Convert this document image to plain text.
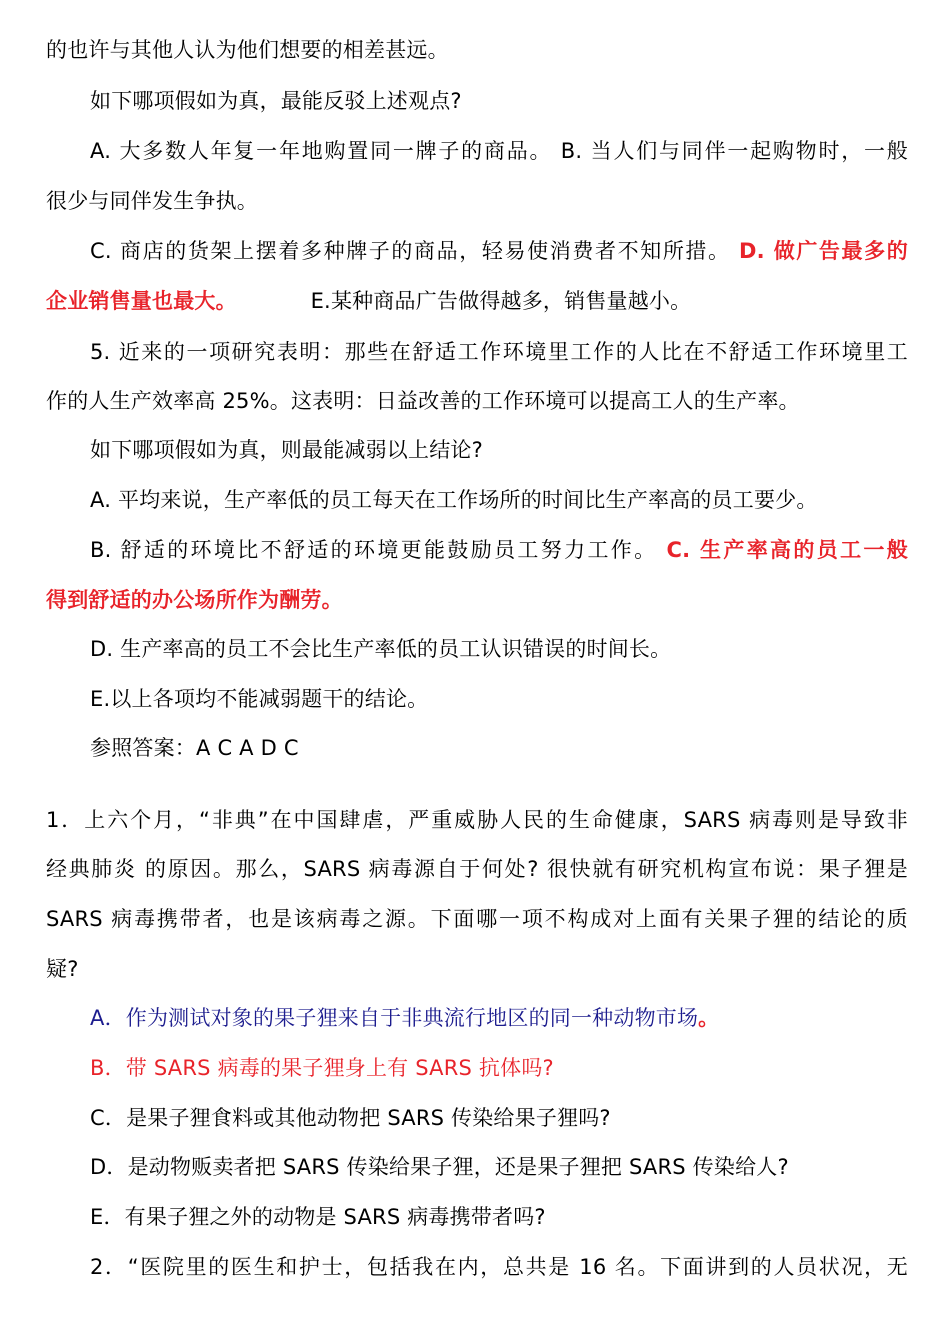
的也许与其他人认为他们想要的相差甚远。
如下哪项假如为真，最能反驳上述观点?
A. 大多数人年复一年地购置同一牌子的商品。 B. 当人们与同伴一起购物时，一般
很少与同伴发生争执。
C. 商店的货架上摆着多种牌子的商品，轻易使消费者不知所措。 D. 做广告最多的
企业销售量也最大。	E.某种商品广告做得越多，销售量越小。
5. 近来的一项研究表明：那些在舒适工作环境里工作的人比在不舒适工作环境里工
作的人生产效率高 25%。这表明：日益改善的工作环境可以提高工人的生产率。
如下哪项假如为真，则最能减弱以上结论?
A. 平均来说，生产率低的员工每天在工作场所的时间比生产率高的员工要少。
B. 舒适的环境比不舒适的环境更能鼓励员工努力工作。 C. 生产率高的员工一般
得到舒适的办公场所作为酬劳。
D. 生产率高的员工不会比生产率低的员工认识错误的时间长。
E.以上各项均不能减弱题干的结论。
参照答案：A C A D C
1．上六个月，“非典”在中国肆虐，严重威胁人民的生命健康，SARS 病毒则是导致非
经典肺炎 的原因。那么，SARS 病毒源自于何处? 很快就有研究机构宣布说：果子狸是
SARS 病毒携带者，也是该病毒之源。下面哪一项不构成对上面有关果子狸的结论的质
疑?
A．作为测试对象的果子狸来自于非典流行地区的同一种动物市场。
B．带 SARS 病毒的果子狸身上有 SARS 抗体吗?
C．是果子狸食料或其他动物把 SARS 传染给果子狸吗?
D．是动物贩卖者把 SARS 传染给果子狸，还是果子狸把 SARS 传染给人?
E．有果子狸之外的动物是 SARS 病毒携带者吗?
2．“医院里的医生和护士，包括我在内，总共是 16 名。下面讲到的人员状况，无
